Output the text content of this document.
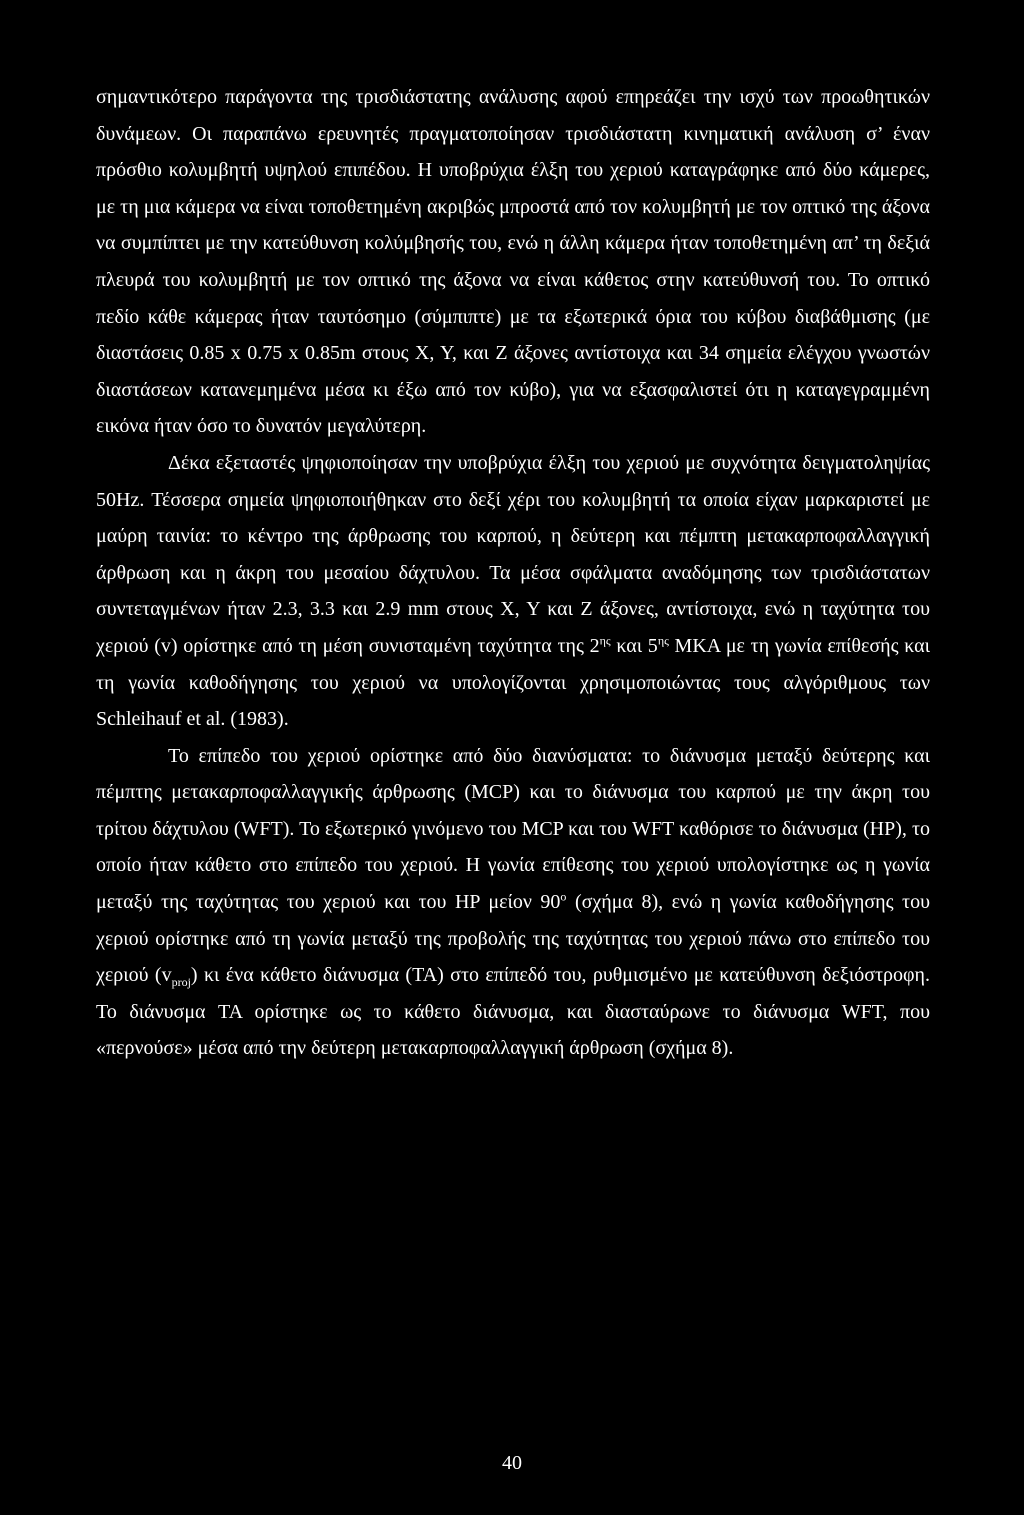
σημαντικότερο παράγοντα της τρισδιάστατης ανάλυσης αφού επηρεάζει την ισχύ των προωθητικών δυνάμεων. Οι παραπάνω ερευνητές πραγματοποίησαν τρισδιάστατη κινηματική ανάλυση σ’ έναν πρόσθιο κολυμβητή υψηλού επιπέδου. Η υποβρύχια έλξη του χεριού καταγράφηκε από δύο κάμερες, με τη μια κάμερα να είναι τοποθετημένη ακριβώς μπροστά από τον κολυμβητή με τον οπτικό της άξονα να συμπίπτει με την κατεύθυνση κολύμβησής του, ενώ η άλλη κάμερα ήταν τοποθετημένη απ’ τη δεξιά πλευρά του κολυμβητή με τον οπτικό της άξονα να είναι κάθετος στην κατεύθυνσή του. Το οπτικό πεδίο κάθε κάμερας ήταν ταυτόσημο (σύμπιπτε) με τα εξωτερικά όρια του κύβου διαβάθμισης (με διαστάσεις 0.85 x 0.75 x 0.85m στους X, Y, και Z άξονες αντίστοιχα και 34 σημεία ελέγχου γνωστών διαστάσεων κατανεμημένα μέσα κι έξω από τον κύβο), για να εξασφαλιστεί ότι η καταγεγραμμένη εικόνα ήταν όσο το δυνατόν μεγαλύτερη.

Δέκα εξεταστές ψηφιοποίησαν την υποβρύχια έλξη του χεριού με συχνότητα δειγματοληψίας 50Hz. Τέσσερα σημεία ψηφιοποιήθηκαν στο δεξί χέρι του κολυμβητή τα οποία είχαν μαρκαριστεί με μαύρη ταινία: το κέντρο της άρθρωσης του καρπού, η δεύτερη και πέμπτη μετακαρποφαλλαγγική άρθρωση και η άκρη του μεσαίου δάχτυλου. Τα μέσα σφάλματα αναδόμησης των τρισδιάστατων συντεταγμένων ήταν 2.3, 3.3 και 2.9 mm στους X, Y και Z άξονες, αντίστοιχα, ενώ η ταχύτητα του χεριού (v) ορίστηκε από τη μέση συνισταμένη ταχύτητα της $2^{\eta\varsigma}$ και $5^{\eta\varsigma}$ ΜΚΑ με τη γωνία επίθεσής και τη γωνία καθοδήγησης του χεριού να υπολογίζονται χρησιμοποιώντας τους αλγόριθμους των Schleihauf et al. (1983).

Το επίπεδο του χεριού ορίστηκε από δύο διανύσματα: το διάνυσμα μεταξύ δεύτερης και πέμπτης μετακαρποφαλλαγγικής άρθρωσης (MCP) και το διάνυσμα του καρπού με την άκρη του τρίτου δάχτυλου (WFT). Το εξωτερικό γινόμενο του MCP και του WFT καθόρισε το διάνυσμα (HP), το οποίο ήταν κάθετο στο επίπεδο του χεριού. Η γωνία επίθεσης του χεριού υπολογίστηκε ως η γωνία μεταξύ της ταχύτητας του χεριού και του HP μείον 90$^o$ (σχήμα 8), ενώ η γωνία καθοδήγησης του χεριού ορίστηκε από τη γωνία μεταξύ της προβολής της ταχύτητας του χεριού πάνω στο επίπεδο του χεριού $(v_{proj})$ κι ένα κάθετο διάνυσμα (TA) στο επίπεδό του, ρυθμισμένο με κατεύθυνση δεξιόστροφη. Το διάνυσμα TA ορίστηκε ως το κάθετο διάνυσμα, και διασταύρωνε το διάνυσμα WFT, που «περνούσε» μέσα από την δεύτερη μετακαρποφαλλαγγική άρθρωση (σχήμα 8).

40
